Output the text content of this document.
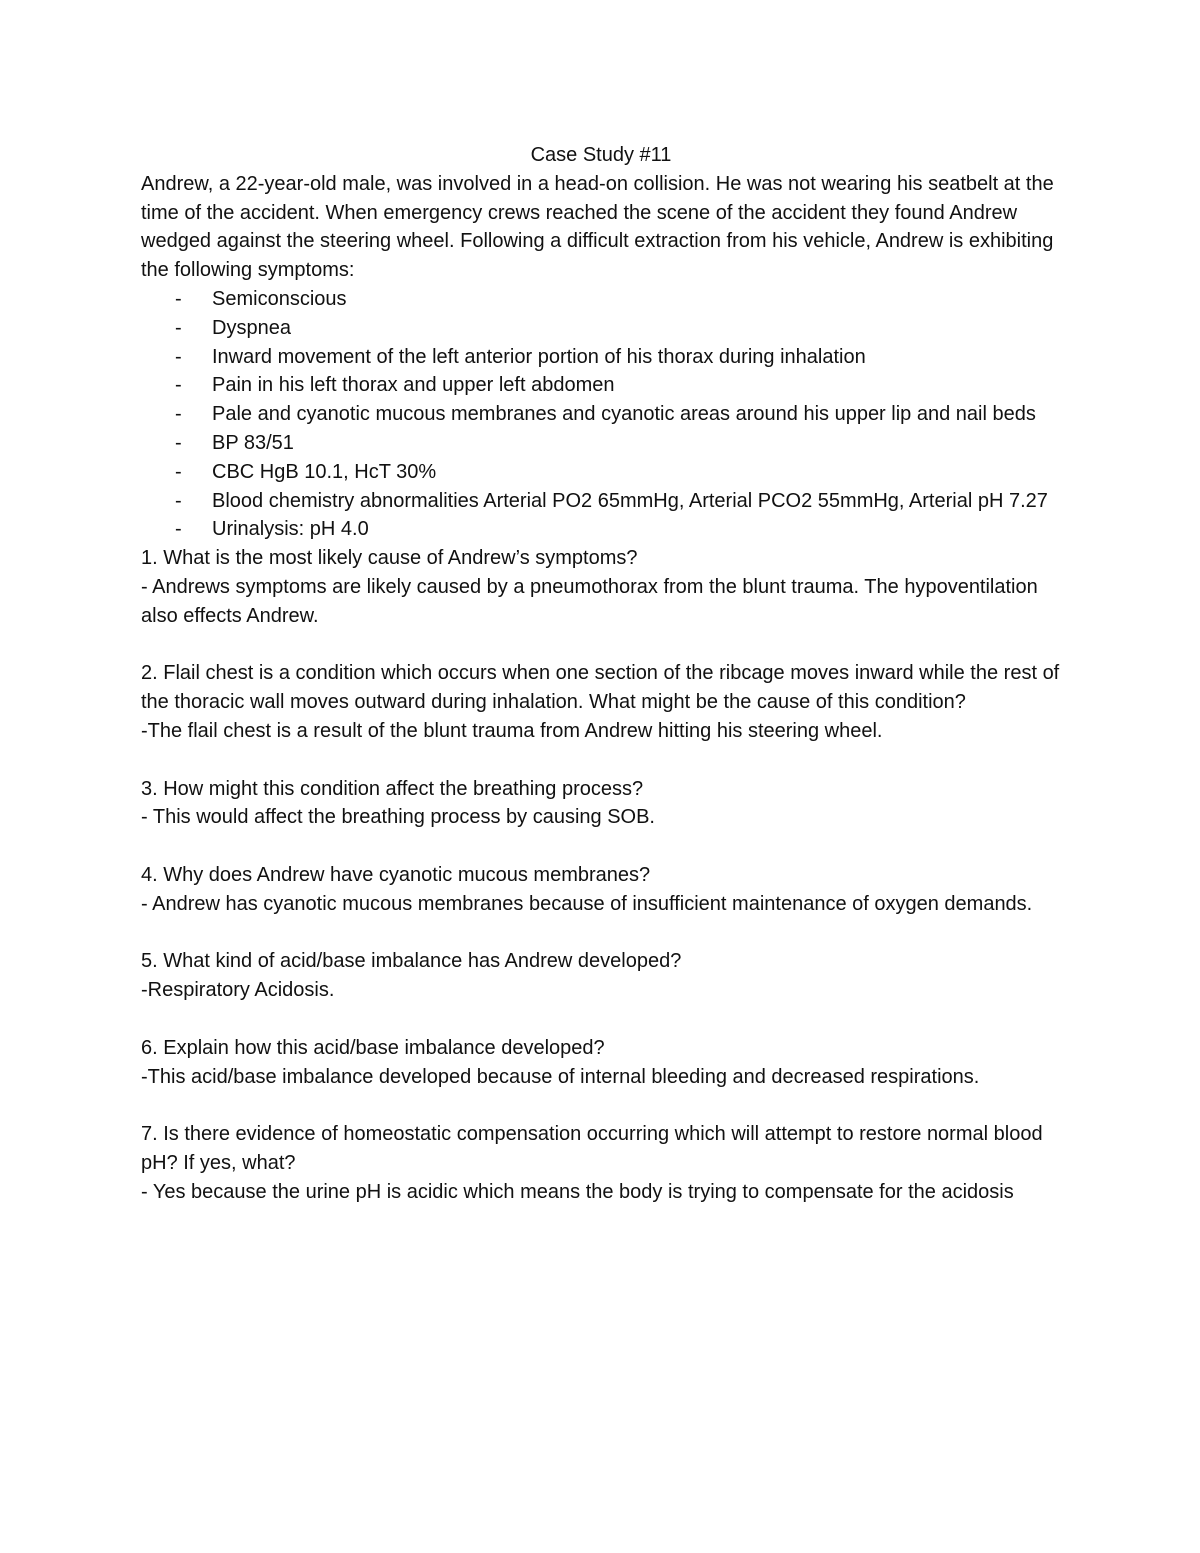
Case Study #11

Andrew, a 22-year-old male, was involved in a head-on collision. He was not wearing his seatbelt at the time of the accident. When emergency crews reached the scene of the accident they found Andrew wedged against the steering wheel. Following a difficult extraction from his vehicle, Andrew is exhibiting the following symptoms:

- Semiconscious
- Dyspnea
- Inward movement of the left anterior portion of his thorax during inhalation
- Pain in his left thorax and upper left abdomen
- Pale and cyanotic mucous membranes and cyanotic areas around his upper lip and nail beds
- BP 83/51
- CBC HgB 10.1, HcT 30%
- Blood chemistry abnormalities Arterial PO2 65mmHg, Arterial PCO2 55mmHg, Arterial pH 7.27
- Urinalysis: pH 4.0

1. What is the most likely cause of Andrew’s symptoms?

- Andrews symptoms are likely caused by a pneumothorax from the blunt trauma. The hypoventilation also effects Andrew.

2. Flail chest is a condition which occurs when one section of the ribcage moves inward while the rest of the thoracic wall moves outward during inhalation. What might be the cause of this condition?

-The flail chest is a result of the blunt trauma from Andrew hitting his steering wheel.

3. How might this condition affect the breathing process?

- This would affect the breathing process by causing SOB.

4. Why does Andrew have cyanotic mucous membranes?

- Andrew has cyanotic mucous membranes because of insufficient maintenance of oxygen demands.

5. What kind of acid/base imbalance has Andrew developed?

-Respiratory Acidosis.

6. Explain how this acid/base imbalance developed?

-This acid/base imbalance developed because of internal bleeding and decreased respirations.

7. Is there evidence of homeostatic compensation occurring which will attempt to restore normal blood pH? If yes, what?

- Yes because the urine pH is acidic which means the body is trying to compensate for the acidosis
